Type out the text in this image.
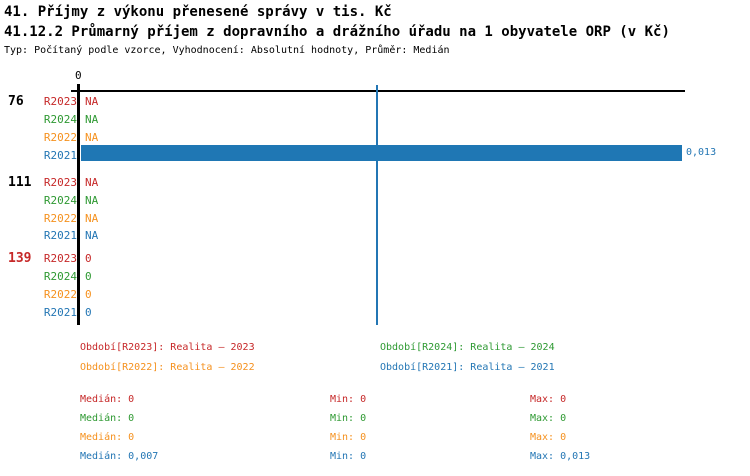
41. Příjmy z výkonu přenesené správy v tis. Kč
41.12.2 Průmarný příjem z dopravního a drážního úřadu na 1 obyvatele ORP (v Kč)
Typ: Počítaný podle vzorce, Vyhodnocení: Absolutní hodnoty, Průměr: Medián
0
76
111
139
R2023 NA
R2024 NA
R2022 NA
R2021	0,013
R2023 NA
R2024 NA
R2022 NA
R2021 NA
R2023 0
R2024 0
R2022 0
R2021 0
Období[R2023]: Realita – 2023	Období[R2024]: Realita – 2024
Období[R2022]: Realita – 2022	Období[R2021]: Realita – 2021
Medián: 0	Min: 0	Max: 0
Medián: 0	Min: 0	Max: 0
Medián: 0	Min: 0	Max: 0
Medián: 0,007	Min: 0	Max: 0,013
